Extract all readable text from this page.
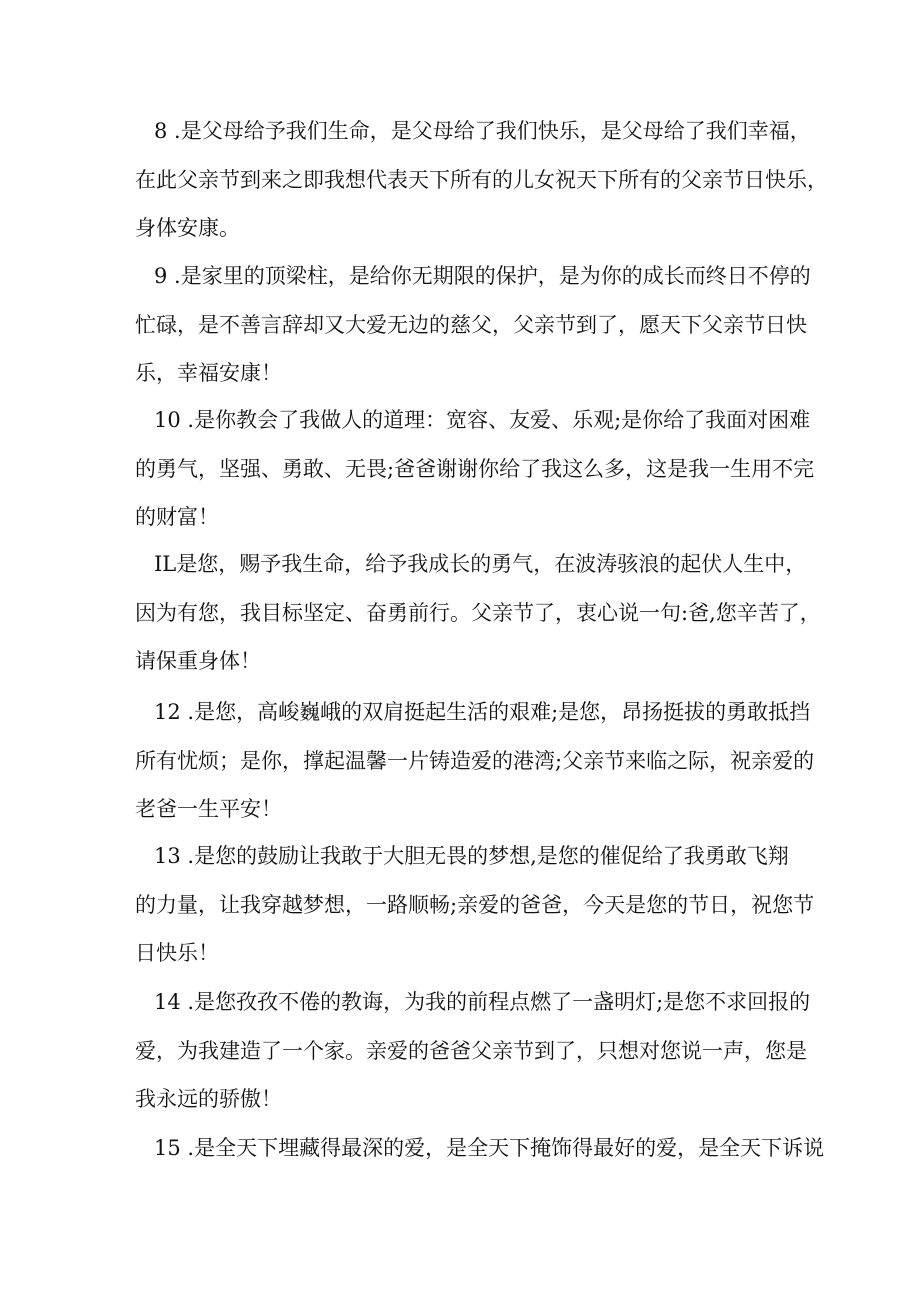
8 .是父母给予我们生命，是父母给了我们快乐，是父母给了我们幸福，
在此父亲节到来之即我想代表天下所有的儿女祝天下所有的父亲节日快乐，
身体安康。
9 .是家里的顶梁柱，是给你无期限的保护，是为你的成长而终日不停的
忙碌，是不善言辞却又大爱无边的慈父，父亲节到了，愿天下父亲节日快
乐，幸福安康！
10 .是你教会了我做人的道理：宽容、友爱、乐观;是你给了我面对困难
的勇气，坚强、勇敢、无畏;爸爸谢谢你给了我这么多，这是我一生用不完
的财富！
IL是您，赐予我生命，给予我成长的勇气，在波涛骇浪的起伏人生中，
因为有您，我目标坚定、奋勇前行。父亲节了，衷心说一句:爸,您辛苦了，
请保重身体！
12 .是您，高峻巍峨的双肩挺起生活的艰难;是您，昂扬挺拔的勇敢抵挡
所有忧烦；是你，撑起温馨一片铸造爱的港湾;父亲节来临之际，祝亲爱的
老爸一生平安！
13 .是您的鼓励让我敢于大胆无畏的梦想,是您的催促给了我勇敢飞翔
的力量，让我穿越梦想，一路顺畅;亲爱的爸爸，今天是您的节日，祝您节
日快乐！
14 .是您孜孜不倦的教诲，为我的前程点燃了一盏明灯;是您不求回报的
爱，为我建造了一个家。亲爱的爸爸父亲节到了，只想对您说一声，您是
我永远的骄傲！
15 .是全天下埋藏得最深的爱，是全天下掩饰得最好的爱，是全天下诉说
